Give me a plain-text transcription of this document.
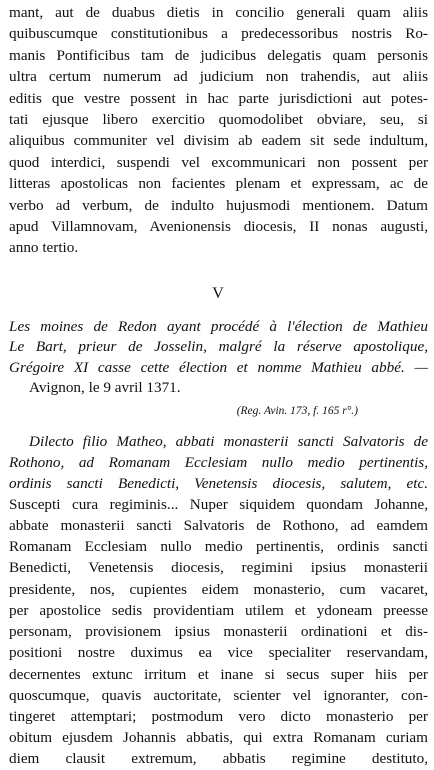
mant, aut de duabus dietis in concilio generali quam aliis
quibuscumque constitutionibus a predecessoribus nostris Ro-
manis Pontificibus tam de judicibus delegatis quam personis
ultra certum numerum ad judicium non trahendis, aut aliis
editis que vestre possent in hac parte jurisdictioni aut potes-
tati ejusque libero exercitio quomodolibet obviare, seu, si
aliquibus communiter vel divisim ab eadem sit sede indultum,
quod interdici, suspendi vel excommunicari non possent per
litteras apostolicas non facientes plenam et expressam, ac de
verbo ad verbum, de indulto hujusmodi mentionem. Datum
apud Villamnovam, Avenionensis diocesis, II nonas augusti,
anno tertio.
V
Les moines de Redon ayant procédé à l'élection de Mathieu
Le Bart, prieur de Josselin, malgré la réserve apostolique,
Grégoire XI casse cette élection et nomme Mathieu abbé. —
Avignon, le 9 avril 1371.
(Reg. Avin. 173, f. 165 r°.)
Dilecto filio Matheo, abbati monasterii sancti Salvatoris de
Rothono, ad Romanam Ecclesiam nullo medio pertinentis,
ordinis sancti Benedicti, Venetensis diocesis, salutem, etc.
Suscepti cura regiminis... Nuper siquidem quondam Johanne,
abbate monasterii sancti Salvatoris de Rothono, ad eamdem
Romanam Ecclesiam nullo medio pertinentis, ordinis sancti
Benedicti, Venetensis diocesis, regimini ipsius monasterii
presidente, nos, cupientes eidem monasterio, cum vacaret,
per apostolice sedis providentiam utilem et ydoneam preesse
personam, provisionem ipsius monasterii ordinationi et dis-
positioni nostre duximus ea vice specialiter reservandam,
decernentes extunc irritum et inane si secus super hiis per
quoscumque, quavis auctoritate, scienter vel ignoranter, con-
tingeret attemptari; postmodum vero dicto monasterio per
obitum ejusdem Johannis abbatis, qui extra Romanam curiam
diem clausit extremum, abbatis regimine destituto,
